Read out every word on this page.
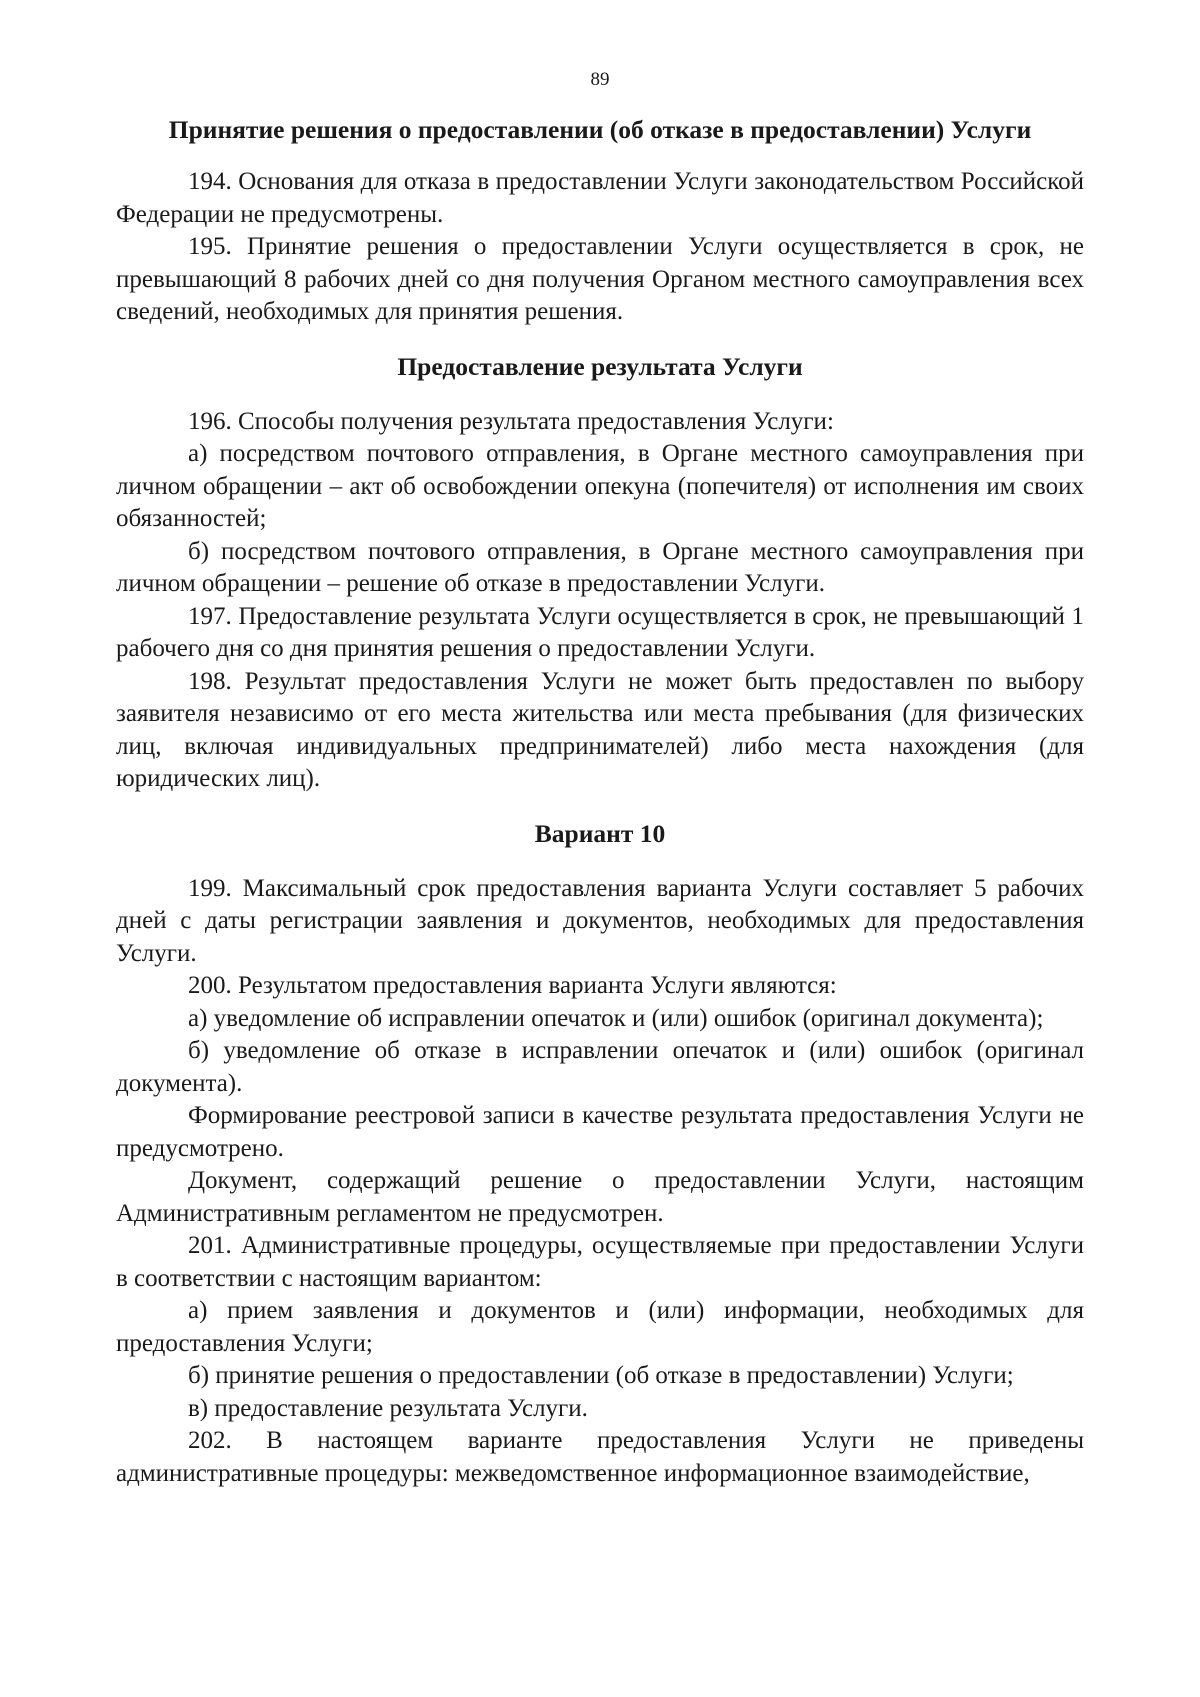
89
Принятие решения о предоставлении (об отказе в предоставлении) Услуги

194. Основания для отказа в предоставлении Услуги законодательством Российской Федерации не предусмотрены.

195. Принятие решения о предоставлении Услуги осуществляется в срок, не превышающий 8 рабочих дней со дня получения Органом местного самоуправления всех сведений, необходимых для принятия решения.

Предоставление результата Услуги

196. Способы получения результата предоставления Услуги:

а) посредством почтового отправления, в Органе местного самоуправления при личном обращении – акт об освобождении опекуна (попечителя) от исполнения им своих обязанностей;

б) посредством почтового отправления, в Органе местного самоуправления при личном обращении – решение об отказе в предоставлении Услуги.

197. Предоставление результата Услуги осуществляется в срок, не превышающий 1 рабочего дня со дня принятия решения о предоставлении Услуги.

198. Результат предоставления Услуги не может быть предоставлен по выбору заявителя независимо от его места жительства или места пребывания (для физических лиц, включая индивидуальных предпринимателей) либо места нахождения (для юридических лиц).

Вариант 10

199. Максимальный срок предоставления варианта Услуги составляет 5 рабочих дней с даты регистрации заявления и документов, необходимых для предоставления Услуги.

200. Результатом предоставления варианта Услуги являются:

а) уведомление об исправлении опечаток и (или) ошибок (оригинал документа);

б) уведомление об отказе в исправлении опечаток и (или) ошибок (оригинал документа).

Формирование реестровой записи в качестве результата предоставления Услуги не предусмотрено.

Документ, содержащий решение о предоставлении Услуги, настоящим Административным регламентом не предусмотрен.

201. Административные процедуры, осуществляемые при предоставлении Услуги в соответствии с настоящим вариантом:

а) прием заявления и документов и (или) информации, необходимых для предоставления Услуги;

б) принятие решения о предоставлении (об отказе в предоставлении) Услуги;

в) предоставление результата Услуги.

202. В настоящем варианте предоставления Услуги не приведены административные процедуры: межведомственное информационное взаимодействие,
